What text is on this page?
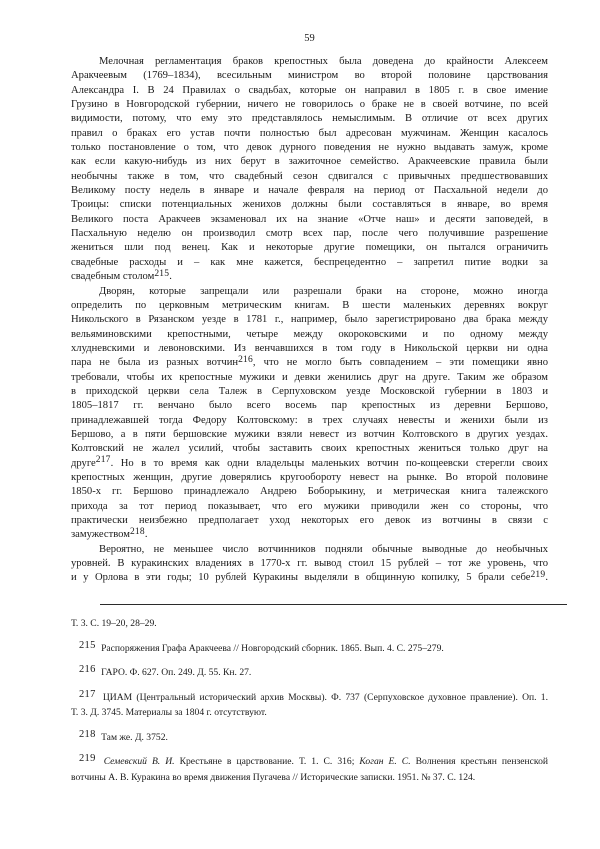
59
Мелочная регламентация браков крепостных была доведена до крайности Алексеем
Аракчеевым (1769–1834), всесильным министром во второй половине царствования
Александра I. В 24 Правилах о свадьбах, которые он направил в 1805 г. в свое имение
Грузино в Новгородской губернии, ничего не говорилось о браке не в своей вотчине, по всей
видимости, потому, что ему это представлялось немыслимым. В отличие от всех других
правил о браках его устав почти полностью был адресован мужчинам. Женщин касалось
только постановление о том, что девок дурного поведения не нужно выдавать замуж, кроме
как если какую-нибудь из них берут в зажиточное семейство. Аракчеевские правила были
необычны также в том, что свадебный сезон сдвигался с привычных предшествовавших
Великому посту недель в январе и начале февраля на период от Пасхальной недели до
Троицы: списки потенциальных женихов должны были составляться в январе, во время
Великого поста Аракчеев экзаменовал их на знание «Отче наш» и десяти заповедей, в
Пасхальную неделю он производил смотр всех пар, после чего получившие разрешение
жениться шли под венец. Как и некоторые другие помещики, он пытался ограничить
свадебные расходы и – как мне кажется, беспрецедентно – запретил питие водки за
свадебным столом215.
Дворян, которые запрещали или разрешали браки на стороне, можно иногда
определить по церковным метрическим книгам. В шести маленьких деревнях вокруг
Никольского в Рязанском уезде в 1781 г., например, было зарегистрировано два брака между
вельяминовскими крепостными, четыре между окороковскими и по одному между
хлудневскими и левоновскими. Из венчавшихся в том году в Никольской церкви ни одна
пара не была из разных вотчин216, что не могло быть совпадением – эти помещики явно
требовали, чтобы их крепостные мужики и девки женились друг на друге. Таким же образом
в приходской церкви села Талеж в Серпуховском уезде Московской губернии в 1803 и
1805–1817 гг. венчано было всего восемь пар крепостных из деревни Бершово,
принадлежавшей тогда Федору Колтовскому: в трех случаях невесты и женихи были из
Бершово, а в пяти бершовские мужики взяли невест из вотчин Колтовского в других уездах.
Колтовский не жалел усилий, чтобы заставить своих крепостных жениться только друг на
друге217. Но в то время как одни владельцы маленьких вотчин по-кощеевски стерегли своих
крепостных женщин, другие доверялись кругообороту невест на рынке. Во второй половине
1850-х гг. Бершово принадлежало Андрею Боборыкину, и метрическая книга талежского
прихода за тот период показывает, что его мужики приводили жен со стороны, что
практически неизбежно предполагает уход некоторых его девок из вотчины в связи с
замужеством218.
Вероятно, не меньшее число вотчинников подняли обычные выводные до необычных
уровней. В куракинских владениях в 1770-х гг. вывод стоил 15 рублей – тот же уровень, что
и у Орлова в эти годы; 10 рублей Куракины выделяли в общинную копилку, 5 брали себе219.
Т. 3. С. 19–20, 28–29.
215 Распоряжения Графа Аракчеева // Новгородский сборник. 1865. Вып. 4. С. 275–279.
216 ГАРО. Ф. 627. Оп. 249. Д. 55. Кн. 27.
217 ЦИАМ (Центральный исторический архив Москвы). Ф. 737 (Серпуховское духовное правление). Оп. 1.
Т. 3. Д. 3745. Материалы за 1804 г. отсутствуют.
218 Там же. Д. 3752.
219 Семевский В. И. Крестьяне в царствование. Т. 1. С. 316; Коган Е. С. Волнения крестьян пензенской
вотчины А. В. Куракина во время движения Пугачева // Исторические записки. 1951. № 37. С. 124.
